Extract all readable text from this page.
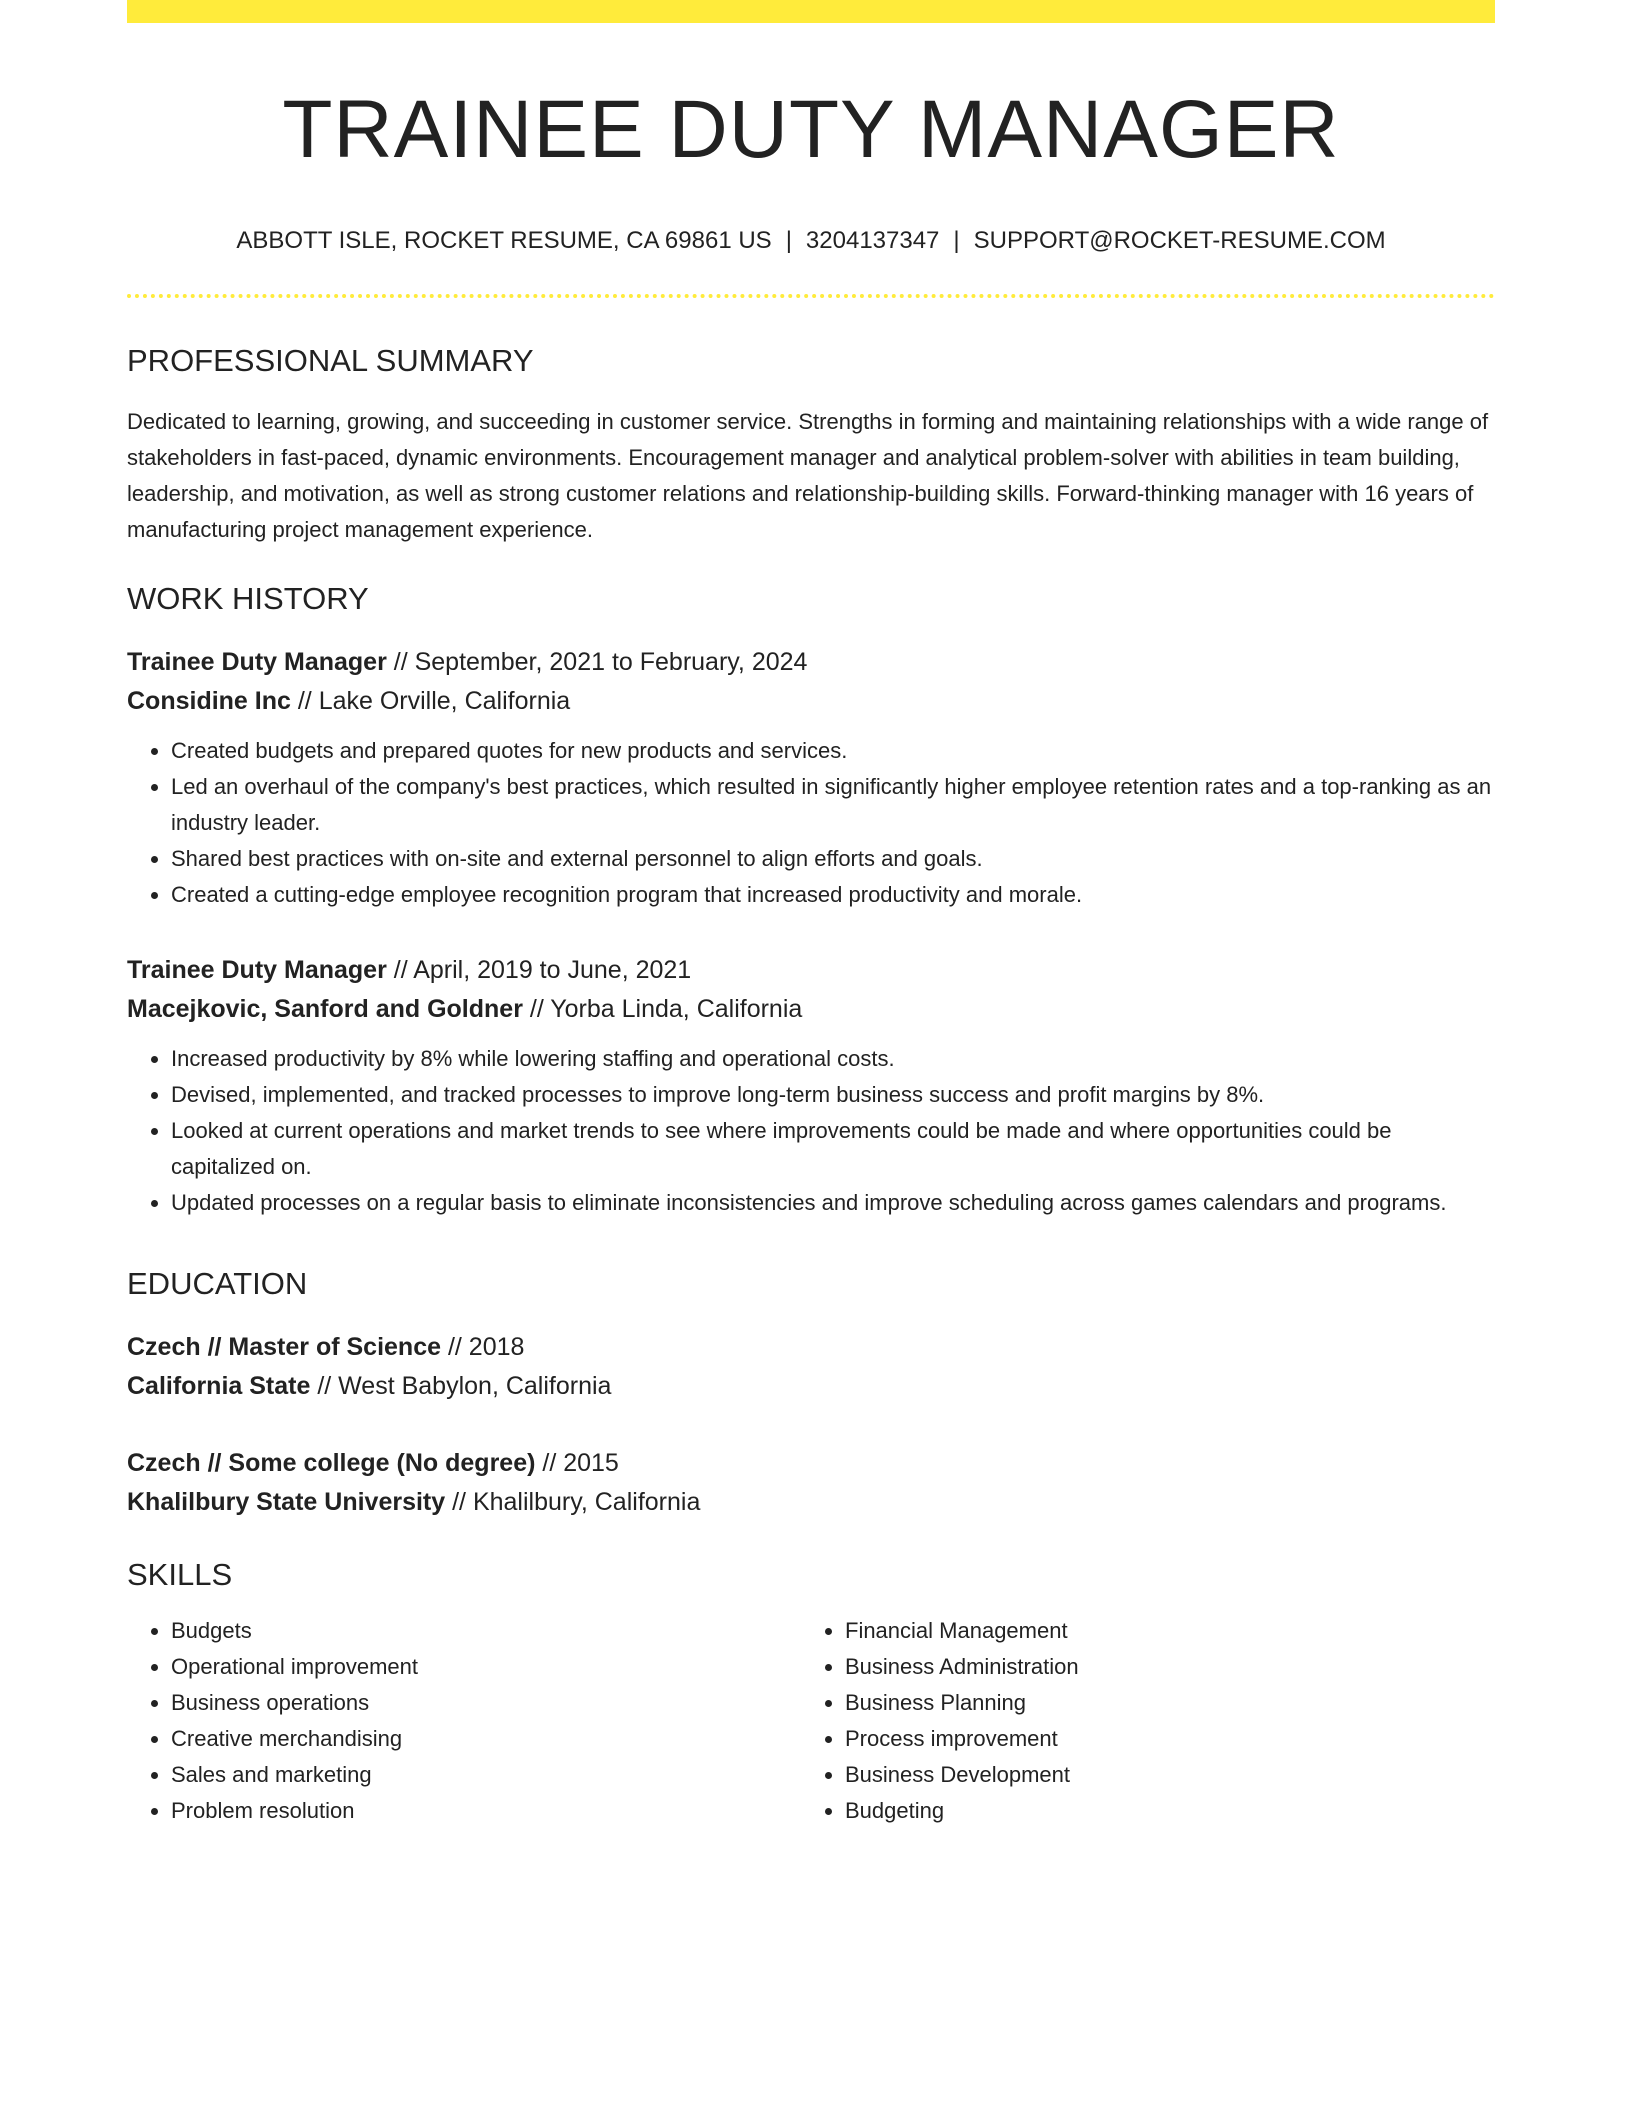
TRAINEE DUTY MANAGER
ABBOTT ISLE, ROCKET RESUME, CA 69861 US | 3204137347 | SUPPORT@ROCKET-RESUME.COM
PROFESSIONAL SUMMARY

Dedicated to learning, growing, and succeeding in customer service. Strengths in forming and maintaining relationships with a wide range of stakeholders in fast-paced, dynamic environments. Encouragement manager and analytical problem-solver with abilities in team building, leadership, and motivation, as well as strong customer relations and relationship-building skills. Forward-thinking manager with 16 years of manufacturing project management experience.

WORK HISTORY
Trainee Duty Manager // September, 2021 to February, 2024
Considine Inc // Lake Orville, California
• Created budgets and prepared quotes for new products and services.
• Led an overhaul of the company's best practices, which resulted in significantly higher employee retention rates and a top-ranking as an industry leader.
• Shared best practices with on-site and external personnel to align efforts and goals.
• Created a cutting-edge employee recognition program that increased productivity and morale.
Trainee Duty Manager // April, 2019 to June, 2021
Macejkovic, Sanford and Goldner // Yorba Linda, California
• Increased productivity by 8% while lowering staffing and operational costs.
• Devised, implemented, and tracked processes to improve long-term business success and profit margins by 8%.
• Looked at current operations and market trends to see where improvements could be made and where opportunities could be capitalized on.
• Updated processes on a regular basis to eliminate inconsistencies and improve scheduling across games calendars and programs.
EDUCATION
Czech // Master of Science // 2018
California State // West Babylon, California
Czech // Some college (No degree) // 2015
Khalilbury State University // Khalilbury, California
SKILLS
• Budgets
• Operational improvement
• Business operations
• Creative merchandising
• Sales and marketing
• Problem resolution
• Financial Management
• Business Administration
• Business Planning
• Process improvement
• Business Development
• Budgeting
